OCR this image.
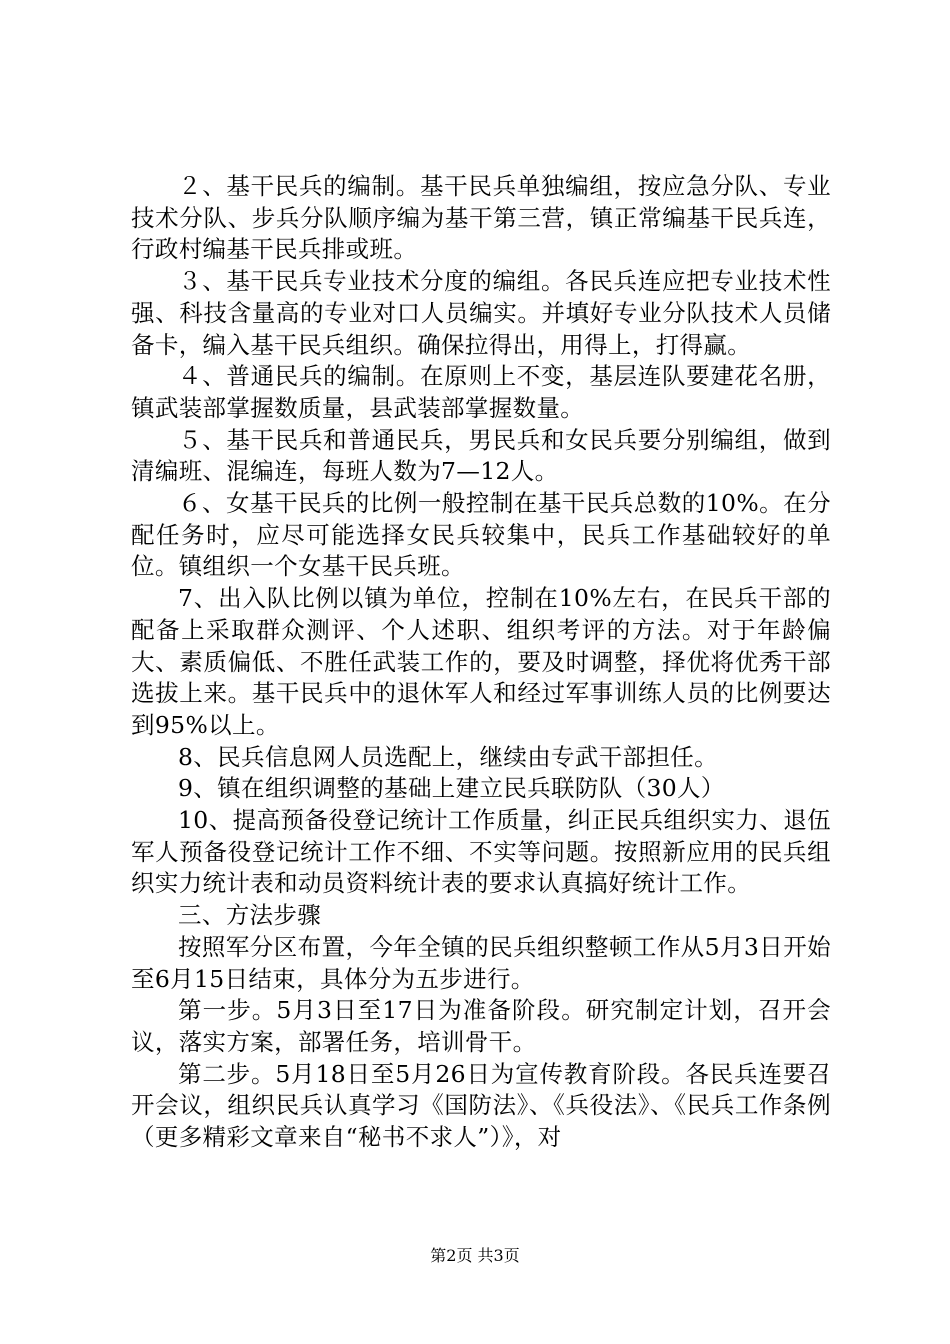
２、基干民兵的编制。基干民兵单独编组，按应急分队、专业技术分队、步兵分队顺序编为基干第三营，镇正常编基干民兵连，行政村编基干民兵排或班。

３、基干民兵专业技术分度的编组。各民兵连应把专业技术性强、科技含量高的专业对口人员编实。并填好专业分队技术人员储备卡，编入基干民兵组织。确保拉得出，用得上，打得赢。

４、普通民兵的编制。在原则上不变，基层连队要建花名册，镇武装部掌握数质量，县武装部掌握数量。

５、基干民兵和普通民兵，男民兵和女民兵要分别编组，做到清编班、混编连，每班人数为7—12人。

６、女基干民兵的比例一般控制在基干民兵总数的10%。在分配任务时，应尽可能选择女民兵较集中，民兵工作基础较好的单位。镇组织一个女基干民兵班。

7、出入队比例以镇为单位，控制在10%左右，在民兵干部的配备上采取群众测评、个人述职、组织考评的方法。对于年龄偏大、素质偏低、不胜任武装工作的，要及时调整，择优将优秀干部选拔上来。基干民兵中的退休军人和经过军事训练人员的比例要达到95%以上。

8、民兵信息网人员选配上，继续由专武干部担任。

9、镇在组织调整的基础上建立民兵联防队（30人）

10、提高预备役登记统计工作质量，纠正民兵组织实力、退伍军人预备役登记统计工作不细、不实等问题。按照新应用的民兵组织实力统计表和动员资料统计表的要求认真搞好统计工作。

三、方法步骤

按照军分区布置，今年全镇的民兵组织整顿工作从5月3日开始至6月15日结束，具体分为五步进行。

第一步。5月3日至17日为准备阶段。研究制定计划，召开会议，落实方案，部署任务，培训骨干。

第二步。5月18日至5月26日为宣传教育阶段。各民兵连要召开会议，组织民兵认真学习《国防法》、《兵役法》、《民兵工作条例（更多精彩文章来自“秘书不求人”）》，对

第2页 共3页
